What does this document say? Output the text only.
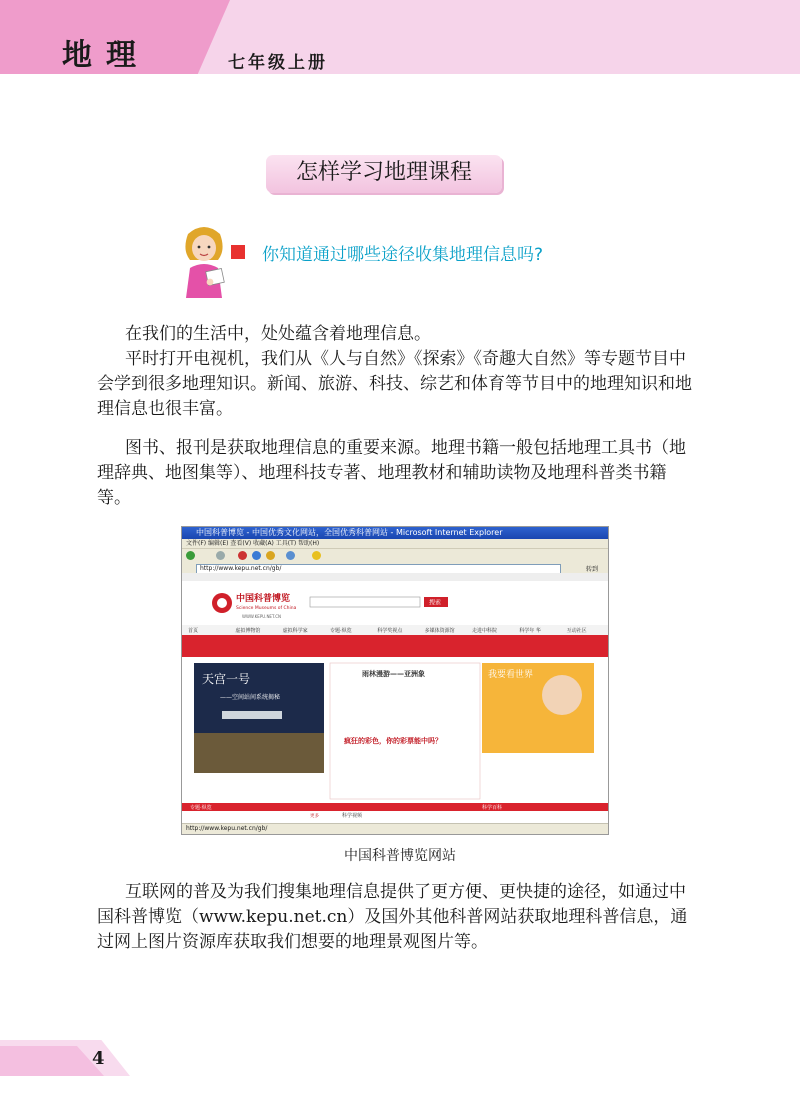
地理	七年级上册
怎样学习地理课程
你知道通过哪些途径收集地理信息吗?
在我们的生活中，处处蕴含着地理信息。
平时打开电视机，我们从《人与自然》《探索》《奇趣大自然》等专题节目中会学到很多地理知识。新闻、旅游、科技、综艺和体育等节目中的地理知识和地理信息也很丰富。
图书、报刊是获取地理信息的重要来源。地理书籍一般包括地理工具书（地理辞典、地图集等）、地理科技专著、地理教材和辅助读物及地理科普类书籍等。
中国科普博览 - 中国优秀文化网站，全国优秀科普网站 - Microsoft Internet Explorer
文件(F) 编辑(E) 查看(V) 收藏(A) 工具(T) 帮助(H)
http://www.kepu.net.cn/gb/	转到
中国科普博览
Science Museums of China
WWW.KEPU.NET.CN
搜索
天宫一号
——空间站间系统揭秘
雨林漫游——亚洲象
疯狂的彩色，你的彩票能中吗？
我要看世界
专题·纵览
科学视频
科学百科
更多
首页	虚拟博物馆	虚拟科学家	专题·纵览	科学奖视点	多媒体资源馆	走进中科院	科学年 华	互动社区
http://www.kepu.net.cn/gb/
中国科普博览网站
互联网的普及为我们搜集地理信息提供了更方便、更快捷的途径，如通过中国科普博览（www.kepu.net.cn）及国外其他科普网站获取地理科普信息，通过网上图片资源库获取我们想要的地理景观图片等。
4
